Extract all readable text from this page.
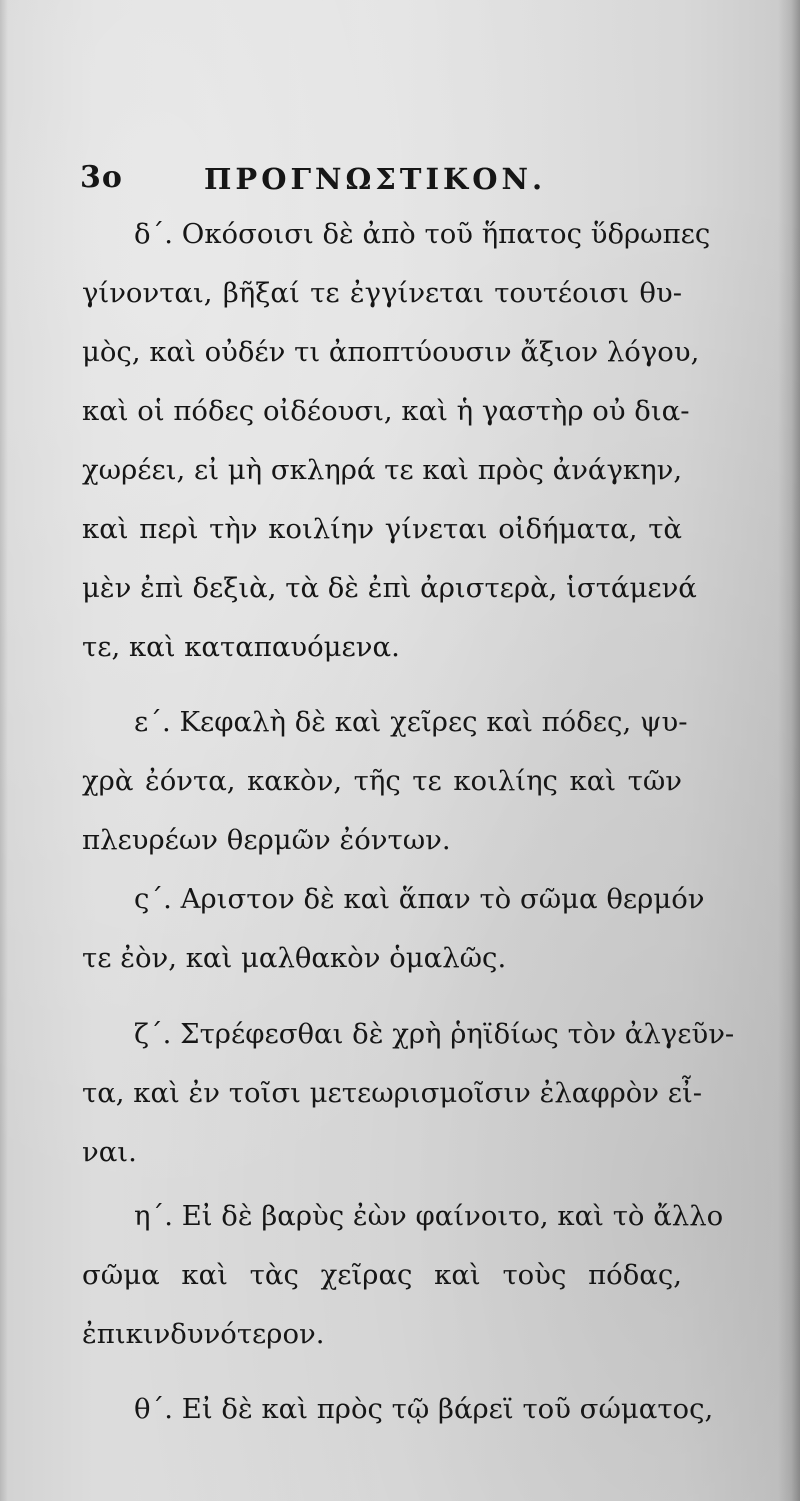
3o	ΠΡΟΓΝΩΣΤΙΚΟΝ.
δ΄. Οκόσοισι δὲ ἀπὸ τοῦ ἥπατος ὕδρωπες
γίνονται, βῆξαί τε ἐγγίνεται τουτέοισι θυ-
μὸς, καὶ οὐδέν τι ἀποπτύουσιν ἄξιον λόγου,
καὶ οἱ πόδες οἰδέουσι, καὶ ἡ γαστὴρ οὐ δια-
χωρέει, εἰ μὴ σκληρά τε καὶ πρὸς ἀνάγκην,
καὶ περὶ τὴν κοιλίην γίνεται οἰδήματα, τὰ
μὲν ἐπὶ δεξιὰ, τὰ δὲ ἐπὶ ἀριστερὰ, ἱστάμενά
τε, καὶ καταπαυόμενα.
ε΄. Κεφαλὴ δὲ καὶ χεῖρες καὶ πόδες, ψυ-
χρὰ ἐόντα, κακὸν, τῆς τε κοιλίης καὶ τῶν
πλευρέων θερμῶν ἐόντων.
ς΄. Αριστον δὲ καὶ ἅπαν τὸ σῶμα θερμόν
τε ἐὸν, καὶ μαλθακὸν ὁμαλῶς.
ζ΄. Στρέφεσθαι δὲ χρὴ ῥηϊδίως τὸν ἀλγεῦν-
τα, καὶ ἐν τοῖσι μετεωρισμοῖσιν ἐλαφρὸν εἶ-
ναι.
η΄. Εἰ δὲ βαρὺς ἐὼν φαίνοιτο, καὶ τὸ ἄλλο
σῶμα καὶ τὰς χεῖρας καὶ τοὺς πόδας,
ἐπικινδυνότερον.
θ΄. Εἰ δὲ καὶ πρὸς τῷ βάρεϊ τοῦ σώματος,
